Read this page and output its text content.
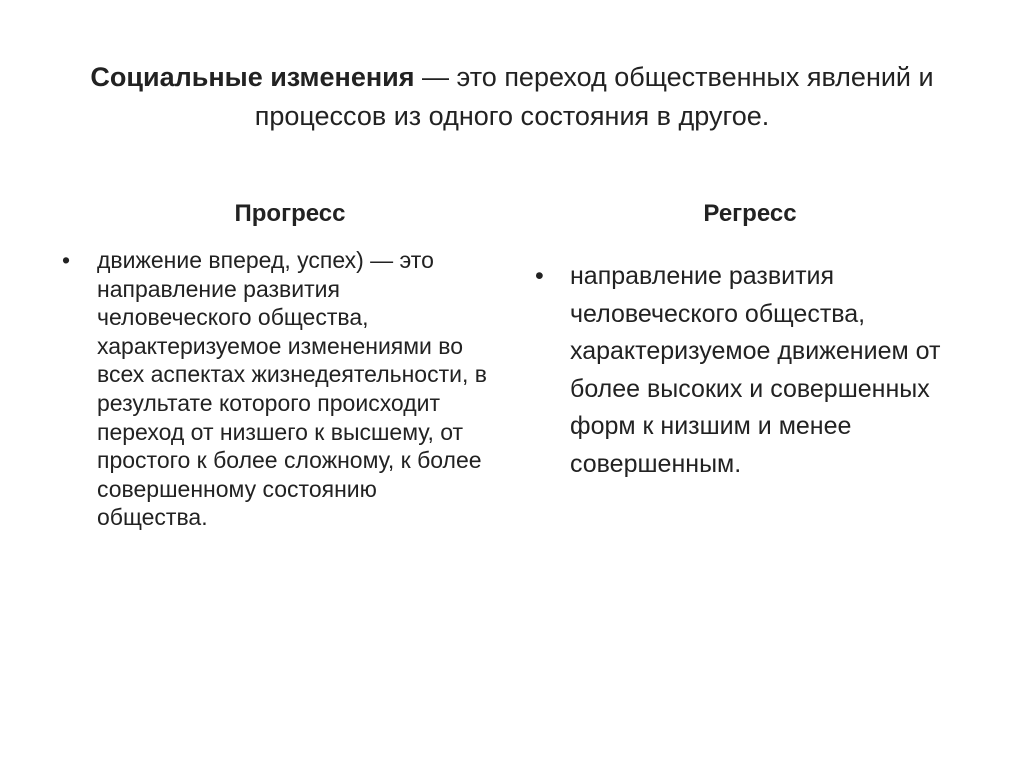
Социальные изменения — это переход общественных явлений и процессов из одного состояния в другое.
Прогресс	Регресс
• движение вперед, успех) — это направление развития человеческого общества, характеризуемое изменениями во всех аспектах жизнедеятельности, в результате которого происходит переход от низшего к высшему, от простого к более сложному, к более совершенному состоянию общества.
• направление развития человеческого общества, характеризуемое движением от более высоких и совершенных форм к низшим и менее совершенным.
